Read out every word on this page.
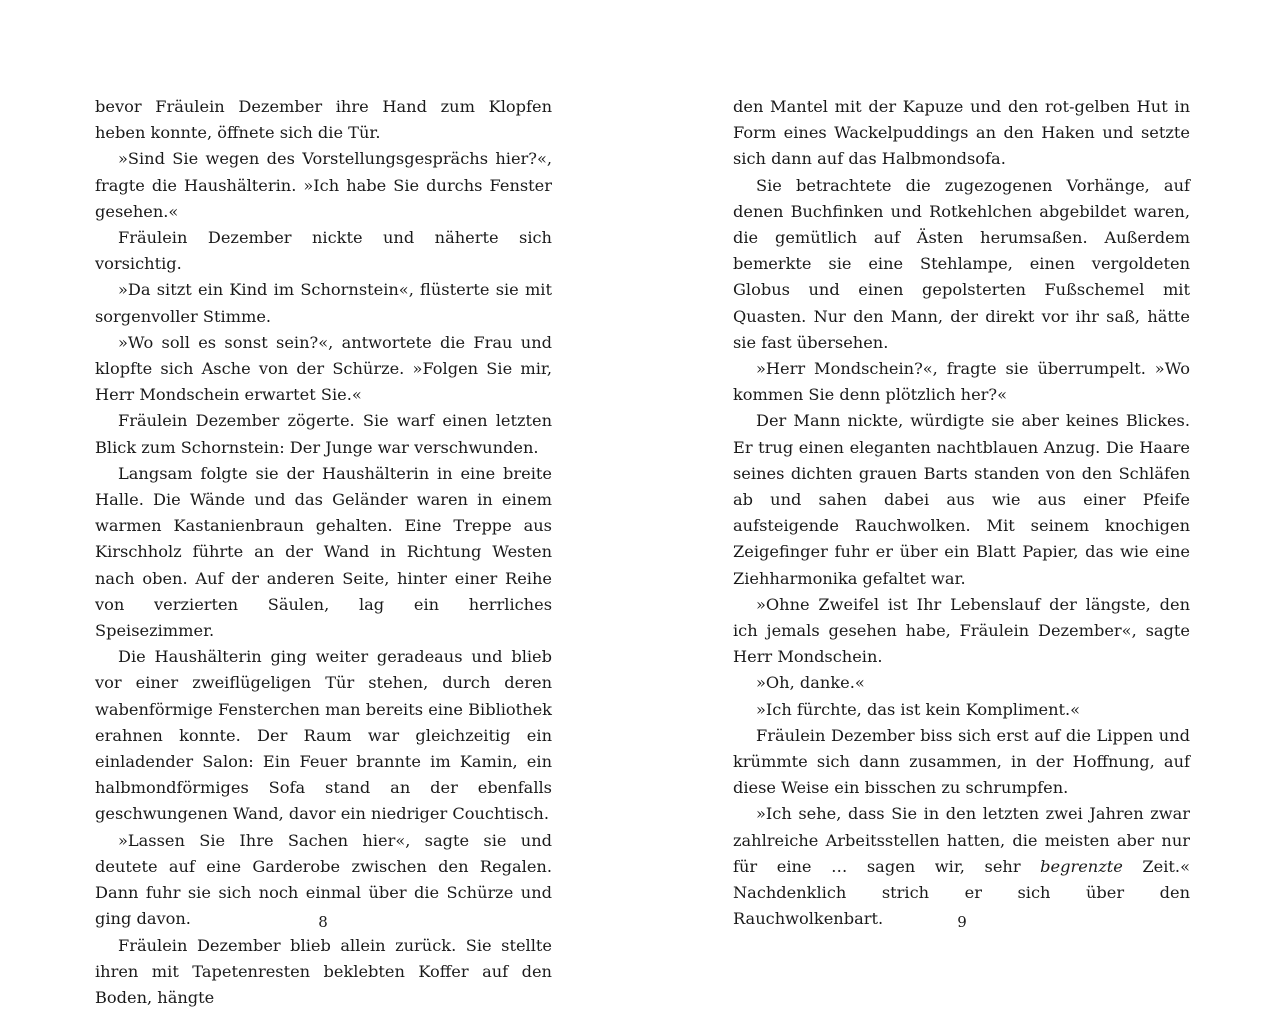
bevor Fräulein Dezember ihre Hand zum Klopfen heben konnte, öffnete sich die Tür.

»Sind Sie wegen des Vorstellungsgesprächs hier?«, fragte die Haushälterin. »Ich habe Sie durchs Fenster gesehen.«

Fräulein Dezember nickte und näherte sich vorsichtig.

»Da sitzt ein Kind im Schornstein«, flüsterte sie mit sorgenvoller Stimme.

»Wo soll es sonst sein?«, antwortete die Frau und klopfte sich Asche von der Schürze. »Folgen Sie mir, Herr Mondschein erwartet Sie.«

Fräulein Dezember zögerte. Sie warf einen letzten Blick zum Schornstein: Der Junge war verschwunden.

Langsam folgte sie der Haushälterin in eine breite Halle. Die Wände und das Geländer waren in einem warmen Kastanienbraun gehalten. Eine Treppe aus Kirschholz führte an der Wand in Richtung Westen nach oben. Auf der anderen Seite, hinter einer Reihe von verzierten Säulen, lag ein herrliches Speisezimmer.

Die Haushälterin ging weiter geradeaus und blieb vor einer zweiflügeligen Tür stehen, durch deren wabenförmige Fensterchen man bereits eine Bibliothek erahnen konnte. Der Raum war gleichzeitig ein einladender Salon: Ein Feuer brannte im Kamin, ein halbmondförmiges Sofa stand an der ebenfalls geschwungenen Wand, davor ein niedriger Couchtisch.

»Lassen Sie Ihre Sachen hier«, sagte sie und deutete auf eine Garderobe zwischen den Regalen. Dann fuhr sie sich noch einmal über die Schürze und ging davon.

Fräulein Dezember blieb allein zurück. Sie stellte ihren mit Tapetenresten beklebten Koffer auf den Boden, hängte

8

den Mantel mit der Kapuze und den rot-gelben Hut in Form eines Wackelpuddings an den Haken und setzte sich dann auf das Halbmondsofa.

Sie betrachtete die zugezogenen Vorhänge, auf denen Buchfinken und Rotkehlchen abgebildet waren, die gemütlich auf Ästen herumsaßen. Außerdem bemerkte sie eine Stehlampe, einen vergoldeten Globus und einen gepolsterten Fußschemel mit Quasten. Nur den Mann, der direkt vor ihr saß, hätte sie fast übersehen.

»Herr Mondschein?«, fragte sie überrumpelt. »Wo kommen Sie denn plötzlich her?«

Der Mann nickte, würdigte sie aber keines Blickes. Er trug einen eleganten nachtblauen Anzug. Die Haare seines dichten grauen Barts standen von den Schläfen ab und sahen dabei aus wie aus einer Pfeife aufsteigende Rauchwolken. Mit seinem knochigen Zeigefinger fuhr er über ein Blatt Papier, das wie eine Ziehharmonika gefaltet war.

»Ohne Zweifel ist Ihr Lebenslauf der längste, den ich jemals gesehen habe, Fräulein Dezember«, sagte Herr Mondschein.

»Oh, danke.«

»Ich fürchte, das ist kein Kompliment.«

Fräulein Dezember biss sich erst auf die Lippen und krümmte sich dann zusammen, in der Hoffnung, auf diese Weise ein bisschen zu schrumpfen.

»Ich sehe, dass Sie in den letzten zwei Jahren zwar zahlreiche Arbeitsstellen hatten, die meisten aber nur für eine … sagen wir, sehr begrenzte Zeit.« Nachdenklich strich er sich über den Rauchwolkenbart.	9
